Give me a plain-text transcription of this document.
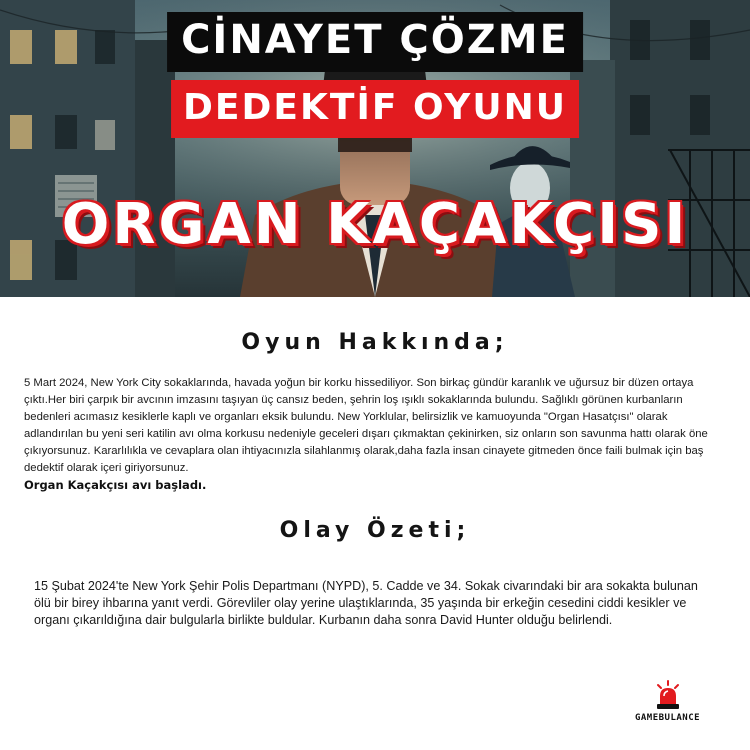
CİNAYET ÇÖZME
DEDEKTİF OYUNU
ORGAN KAÇAKÇISI
Oyun Hakkında;
5 Mart 2024, New York City sokaklarında, havada yoğun bir korku hissediliyor. Son birkaç gündür karanlık ve uğursuz bir düzen ortaya çıktı.Her biri çarpık bir avcının imzasını taşıyan üç cansız beden, şehrin loş ışıklı sokaklarında bulundu. Sağlıklı görünen kurbanların bedenleri acımasız kesiklerle kaplı ve organları eksik bulundu. New Yorklular, belirsizlik ve kamuoyunda "Organ Hasatçısı" olarak adlandırılan bu yeni seri katilin avı olma korkusu nedeniyle geceleri dışarı çıkmaktan çekinirken, siz onların son savunma hattı olarak öne çıkıyorsunuz. Kararlılıkla ve cevaplara olan ihtiyacınızla silahlanmış olarak,daha fazla insan cinayete gitmeden önce faili bulmak için baş dedektif olarak içeri giriyorsunuz.
Organ Kaçakçısı avı başladı.
Olay Özeti;
15 Şubat 2024'te New York Şehir Polis Departmanı (NYPD), 5. Cadde ve 34. Sokak civarındaki bir ara sokakta bulunan ölü bir birey ihbarına yanıt verdi. Görevliler olay yerine ulaştıklarında, 35 yaşında bir erkeğin cesedini ciddi kesikler ve organı çıkarıldığına dair bulgularla birlikte buldular. Kurbanın daha sonra David Hunter olduğu belirlendi.
GAMEBULANCE
